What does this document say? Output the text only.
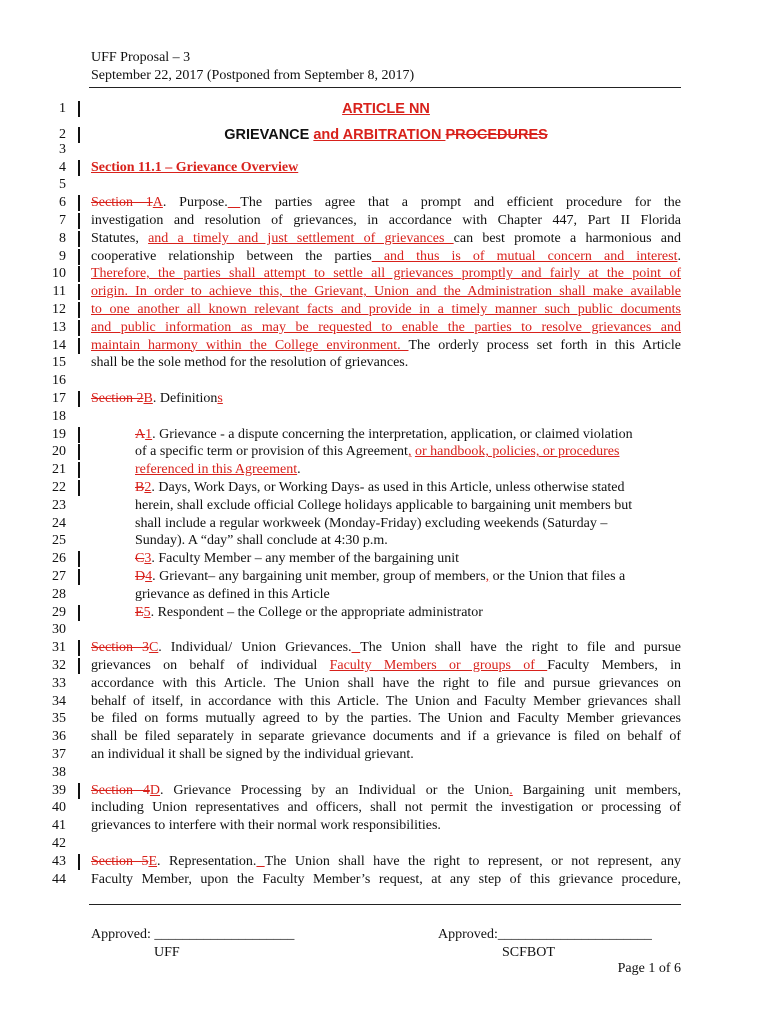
UFF Proposal – 3
September 22, 2017 (Postponed from September 8, 2017)
1	ARTICLE NN
2	GRIEVANCE and ARBITRATION PROCEDURES
3
4 Section 11.1 – Grievance Overview
5
6 Section 1A. Purpose. The parties agree that a prompt and efficient procedure for the
7 investigation and resolution of grievances, in accordance with Chapter 447, Part II Florida
8 Statutes, and a timely and just settlement of grievances can best promote a harmonious and
9 cooperative relationship between the parties and thus is of mutual concern and interest.
10 Therefore, the parties shall attempt to settle all grievances promptly and fairly at the point of
11 origin. In order to achieve this, the Grievant, Union and the Administration shall make available
12 to one another all known relevant facts and provide in a timely manner such public documents
13 and public information as may be requested to enable the parties to resolve grievances and
14 maintain harmony within the College environment. The orderly process set forth in this Article
15 shall be the sole method for the resolution of grievances.
16
17 Section 2B. Definitions
18
19	A1. Grievance - a dispute concerning the interpretation, application, or claimed violation
20	of a specific term or provision of this Agreement, or handbook, policies, or procedures
21	referenced in this Agreement.
22	B2. Days, Work Days, or Working Days- as used in this Article, unless otherwise stated
23	herein, shall exclude official College holidays applicable to bargaining unit members but
24	shall include a regular workweek (Monday-Friday) excluding weekends (Saturday –
25	Sunday). A “day” shall conclude at 4:30 p.m.
26	C3. Faculty Member – any member of the bargaining unit
27	D4. Grievant– any bargaining unit member, group of members, or the Union that files a
28	grievance as defined in this Article
29	E5. Respondent – the College or the appropriate administrator
30
31 Section 3C. Individual/ Union Grievances. The Union shall have the right to file and pursue
32 grievances on behalf of individual Faculty Members or groups of Faculty Members, in
33 accordance with this Article. The Union shall have the right to file and pursue grievances on
34 behalf of itself, in accordance with this Article. The Union and Faculty Member grievances shall
35 be filed on forms mutually agreed to by the parties. The Union and Faculty Member grievances
36 shall be filed separately in separate grievance documents and if a grievance is filed on behalf of
37 an individual it shall be signed by the individual grievant.
38
39 Section 4D. Grievance Processing by an Individual or the Union. Bargaining unit members,
40 including Union representatives and officers, shall not permit the investigation or processing of
41 grievances to interfere with their normal work responsibilities.
42
43 Section 5E. Representation. The Union shall have the right to represent, or not represent, any
44 Faculty Member, upon the Faculty Member’s request, at any step of this grievance procedure,
Approved: ____________________
UFF
Approved:______________________
SCFBOT
Page 1 of 6
